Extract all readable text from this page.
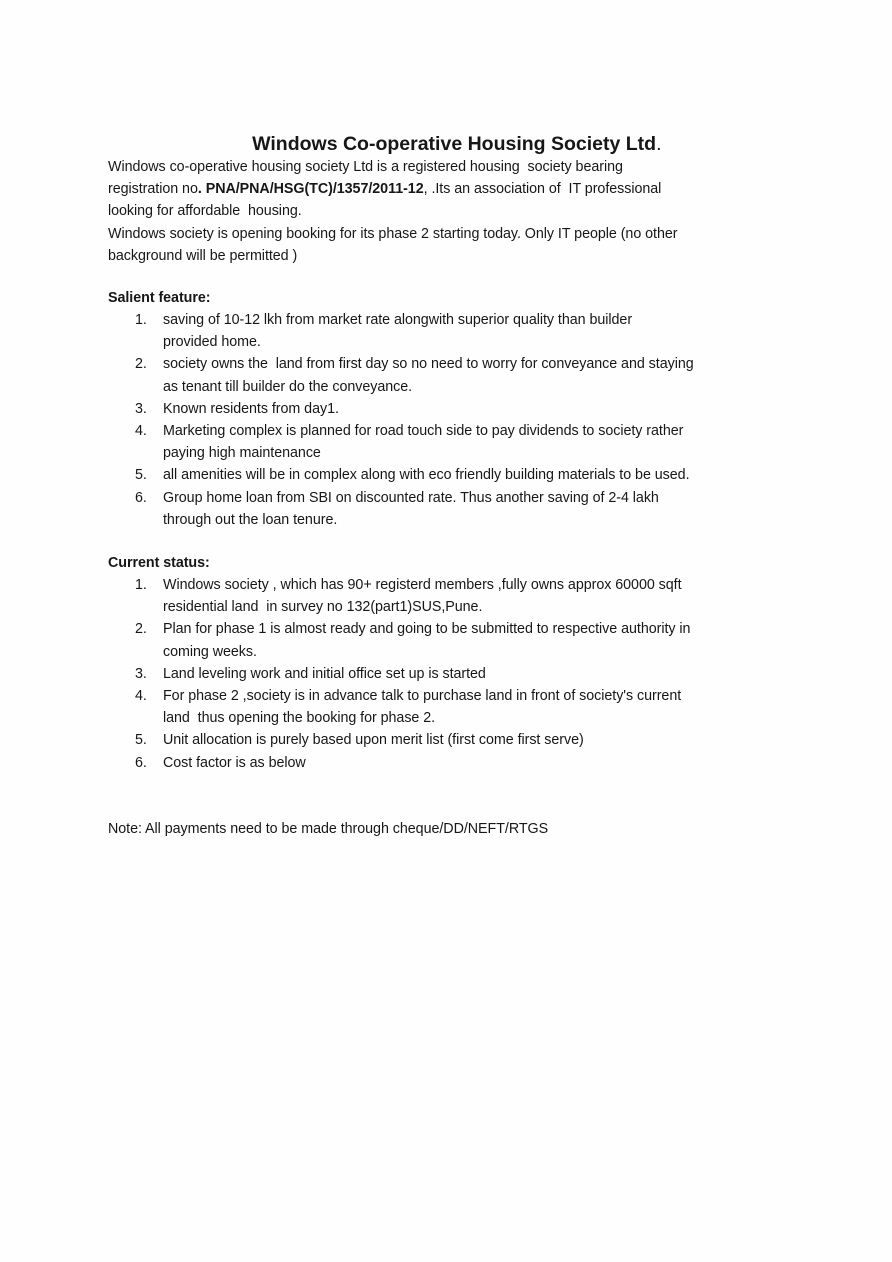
Windows Co-operative Housing Society Ltd.

Windows co-operative housing society Ltd is a registered housing  society bearing
registration no. PNA/PNA/HSG(TC)/1357/2011-12, .Its an association of  IT professional
looking for affordable  housing.
Windows society is opening booking for its phase 2 starting today. Only IT people (no other
background will be permitted )
Salient feature:
1.	saving of 10-12 lkh from market rate alongwith superior quality than builder
provided home.
2.	society owns the  land from first day so no need to worry for conveyance and staying
as tenant till builder do the conveyance.
3.	Known residents from day1.
4.	Marketing complex is planned for road touch side to pay dividends to society rather
paying high maintenance
5.	all amenities will be in complex along with eco friendly building materials to be used.
6.	Group home loan from SBI on discounted rate. Thus another saving of 2-4 lakh
through out the loan tenure.
Current status:
1.	Windows society , which has 90+ registerd members ,fully owns approx 60000 sqft
residential land  in survey no 132(part1)SUS,Pune.
2.	Plan for phase 1 is almost ready and going to be submitted to respective authority in
coming weeks.
3.	Land leveling work and initial office set up is started
4.	For phase 2 ,society is in advance talk to purchase land in front of society's current
land  thus opening the booking for phase 2.
5.	Unit allocation is purely based upon merit list (first come first serve)
6.	Cost factor is as below
Note: All payments need to be made through cheque/DD/NEFT/RTGS
